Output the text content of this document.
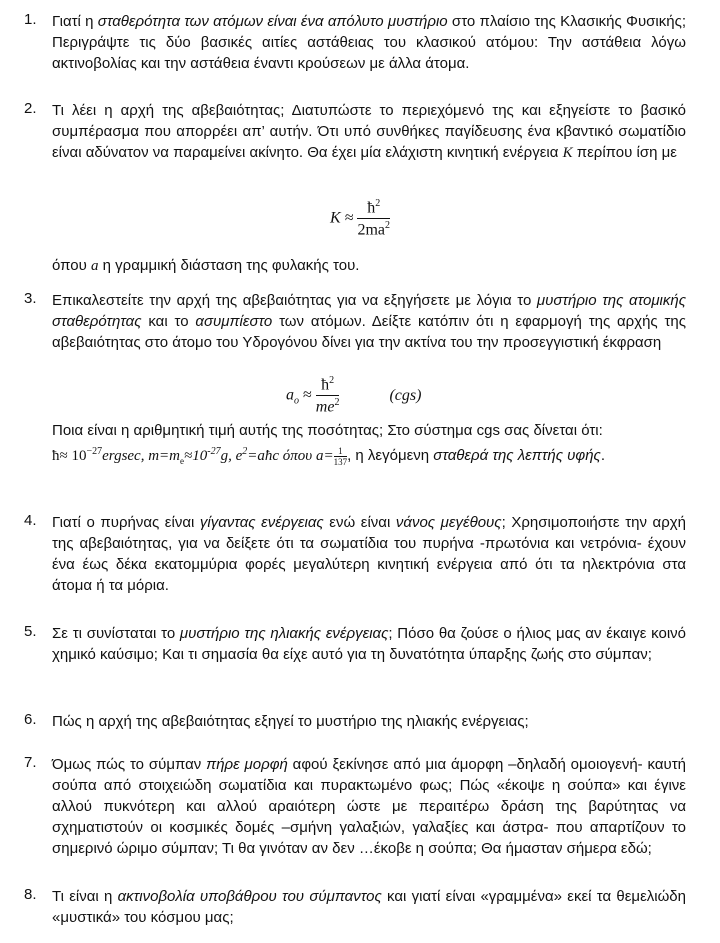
1.	Γιατί η σταθερότητα των ατόμων είναι ένα απόλυτο μυστήριο στο πλαίσιο της Κλασικής Φυσικής; Περιγράψτε τις δύο βασικές αιτίες αστάθειας του κλασικού ατόμου: Την αστάθεια λόγω ακτινοβολίας και την αστάθεια έναντι κρούσεων με άλλα άτομα.

2.	Τι λέει η αρχή της αβεβαιότητας; Διατυπώστε το περιεχόμενό της και εξηγείστε το βασικό συμπέρασμα που απορρέει απ’ αυτήν. Ότι υπό συνθήκες παγίδευσης ένα κβαντικό σωματίδιο είναι αδύνατον να παραμείνει ακίνητο. Θα έχει μία ελάχιστη κινητική ενέργεια K περίπου ίση με

$K \approx \frac{ħ^2}{2ma^2}$

όπου a η γραμμική διάσταση της φυλακής του.

3.	Επικαλεστείτε την αρχή της αβεβαιότητας για να εξηγήσετε με λόγια το μυστήριο της ατομικής σταθερότητας και το ασυμπίεστο των ατόμων. Δείξτε κατόπιν ότι η εφαρμογή της αρχής της αβεβαιότητας στο άτομο του Υδρογόνου δίνει για την ακτίνα του την προσεγγιστική έκφραση

$a_o \approx \frac{ħ^2}{me^2}$	(cgs)

Ποια είναι η αριθμητική τιμή αυτής της ποσότητας; Στο σύστημα cgs σας δίνεται ότι:

ħ≈ $10^{-27}ergsec$, $m=m_e\approx 10^{-27}g$, $e^2=aħc$ όπου $a= \frac{1}{137}$ , η λεγόμενη σταθερά της λεπτής υφής.

4.	Γιατί ο πυρήνας είναι γίγαντας ενέργειας ενώ είναι νάνος μεγέθους; Χρησιμοποιήστε την αρχή της αβεβαιότητας, για να δείξετε ότι τα σωματίδια του πυρήνα -πρωτόνια και νετρόνια- έχουν ένα έως δέκα εκατομμύρια φορές μεγαλύτερη κινητική ενέργεια από ότι τα ηλεκτρόνια στα άτομα ή τα μόρια.

5.	Σε τι συνίσταται το μυστήριο της ηλιακής ενέργειας; Πόσο θα ζούσε ο ήλιος μας αν έκαιγε κοινό χημικό καύσιμο; Και τι σημασία θα είχε αυτό για τη δυνατότητα ύπαρξης ζωής στο σύμπαν;

6.	Πώς η αρχή της αβεβαιότητας εξηγεί το μυστήριο της ηλιακής ενέργειας;

7.	Όμως πώς το σύμπαν πήρε μορφή αφού ξεκίνησε από μια άμορφη –δηλαδή ομοιογενή- καυτή σούπα από στοιχειώδη σωματίδια και πυρακτωμένο φως; Πώς «έκοψε η σούπα» και έγινε αλλού πυκνότερη και αλλού αραιότερη ώστε με περαιτέρω δράση της βαρύτητας να σχηματιστούν οι κοσμικές δομές –σμήνη γαλαξιών, γαλαξίες και άστρα- που απαρτίζουν το σημερινό ώριμο σύμπαν; Τι θα γινόταν αν δεν …έκοβε η σούπα; Θα ήμασταν σήμερα εδώ;

8.	Τι είναι η ακτινοβολία υποβάθρου του σύμπαντος και γιατί είναι «γραμμένα» εκεί τα θεμελιώδη «μυστικά» του κόσμου μας;
